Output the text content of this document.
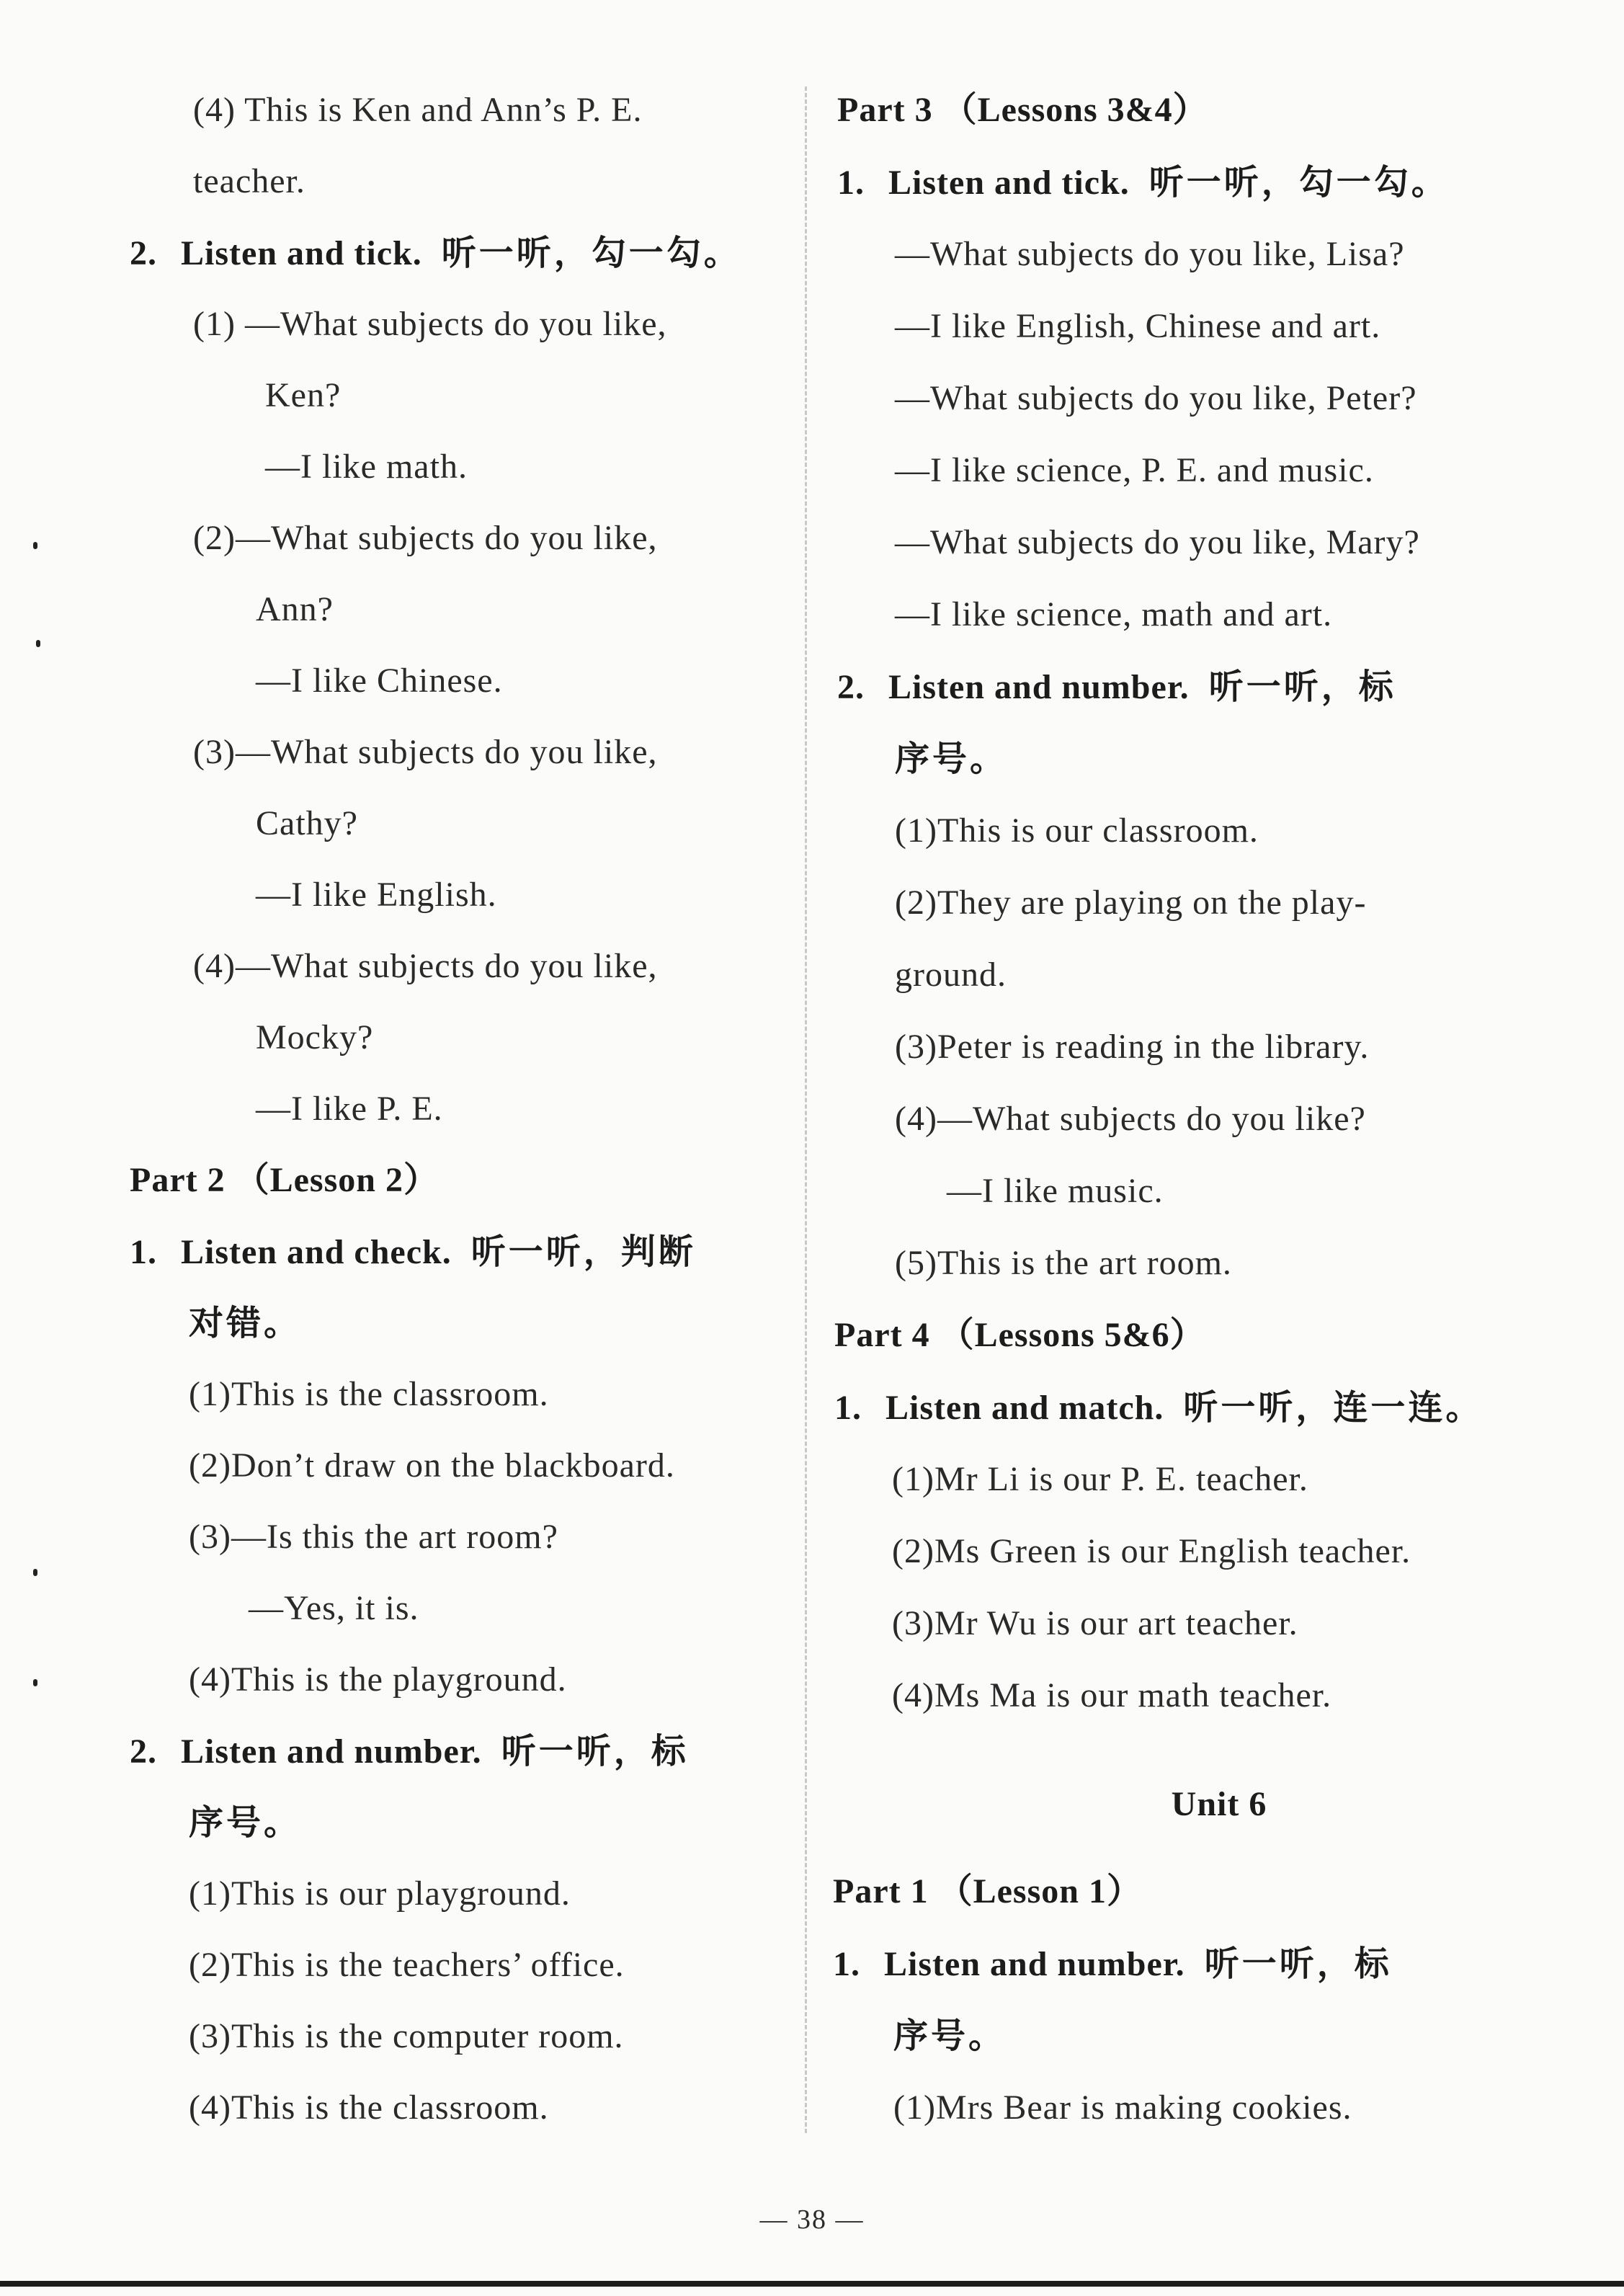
(4) This is Ken and Ann’s P. E.
teacher.
2. Listen and tick. 听一听，勾一勾。
(1) —What subjects do you like,
Ken?
—I like math.
(2)—What subjects do you like,
Ann?
—I like Chinese.
(3)—What subjects do you like,
Cathy?
—I like English.
(4)—What subjects do you like,
Mocky?
—I like P. E.
Part 2 （Lesson 2）
1. Listen and check. 听一听，判断
对错。
(1)This is the classroom.
(2)Don’t draw on the blackboard.
(3)—Is this the art room?
—Yes, it is.
(4)This is the playground.
2. Listen and number. 听一听，标
序号。
(1)This is our playground.
(2)This is the teachers’ office.
(3)This is the computer room.
(4)This is the classroom.
Part 3 （Lessons 3&4）
1. Listen and tick. 听一听，勾一勾。
—What subjects do you like, Lisa?
—I like English, Chinese and art.
—What subjects do you like, Peter?
—I like science, P. E. and music.
—What subjects do you like, Mary?
—I like science, math and art.
2. Listen and number. 听一听，标
序号。
(1)This is our classroom.
(2)They are playing on the play-
ground.
(3)Peter is reading in the library.
(4)—What subjects do you like?
—I like music.
(5)This is the art room.
Part 4 （Lessons 5&6）
1. Listen and match. 听一听，连一连。
(1)Mr Li is our P. E. teacher.
(2)Ms Green is our English teacher.
(3)Mr Wu is our art teacher.
(4)Ms Ma is our math teacher.
Unit 6
Part 1 （Lesson 1）
1. Listen and number. 听一听，标
序号。
(1)Mrs Bear is making cookies.
— 38 —
